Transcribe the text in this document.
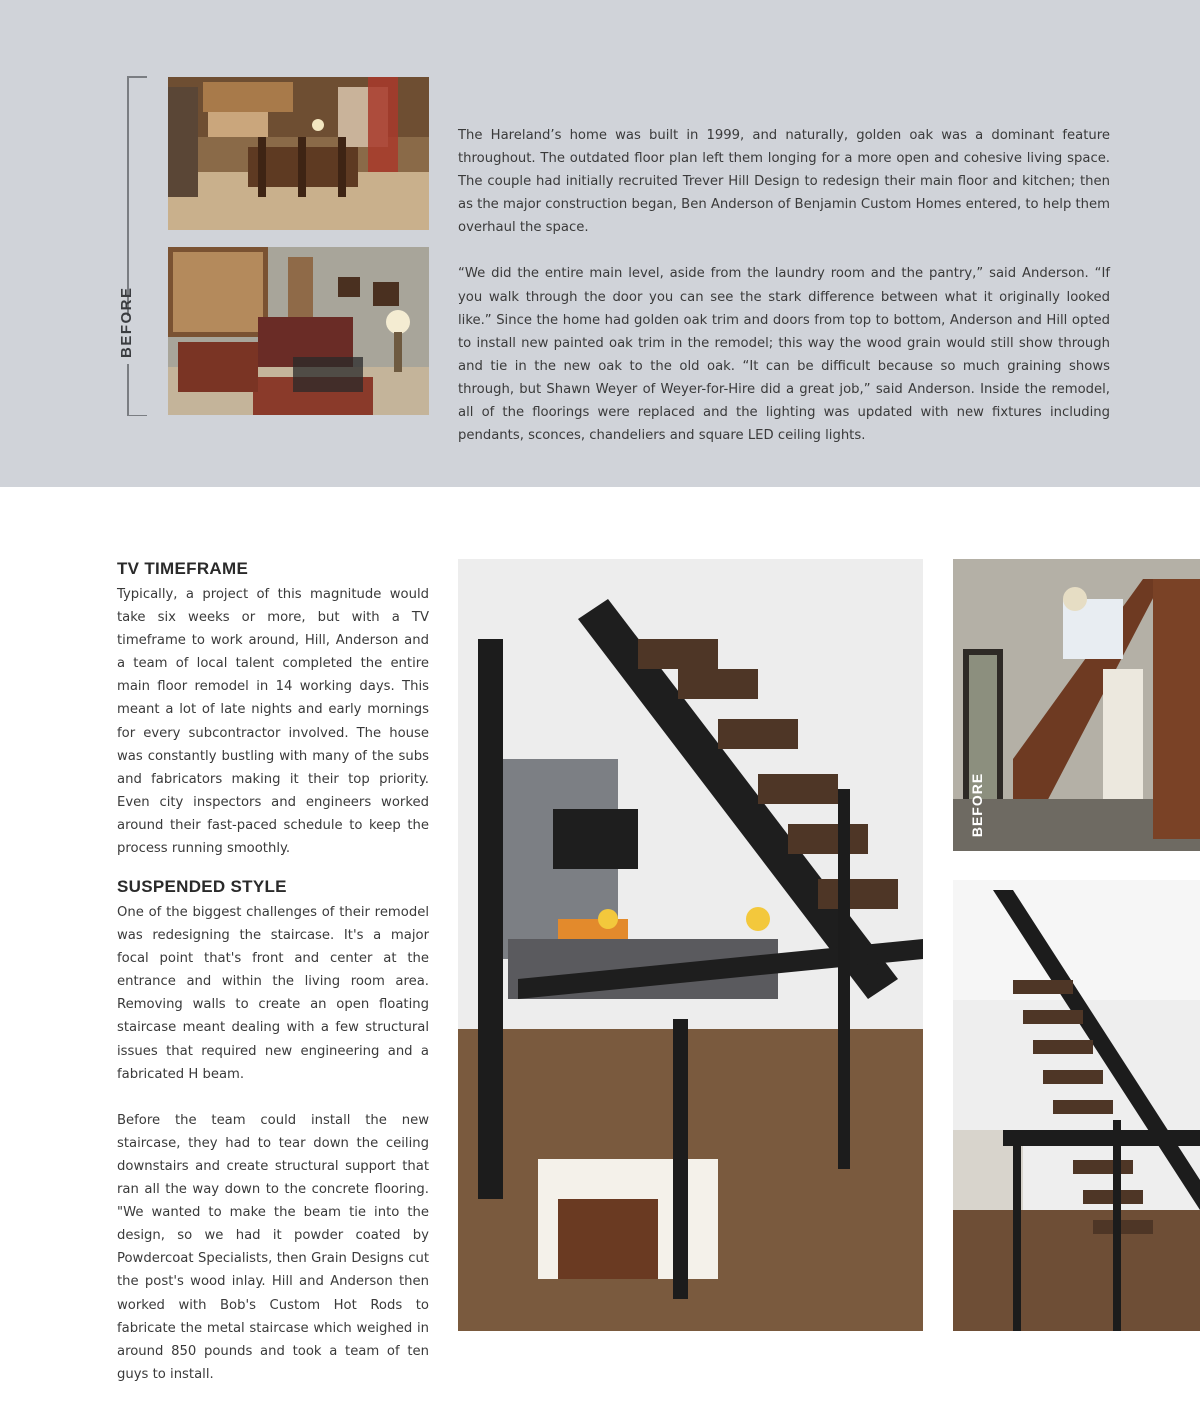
BEFORE

The Hareland’s home was built in 1999, and naturally, golden oak was a dominant feature throughout. The outdated floor plan left them longing for a more open and cohesive living space. The couple had initially recruited Trever Hill Design to redesign their main floor and kitchen; then as the major construction began, Ben Anderson of Benjamin Custom Homes entered, to help them overhaul the space.

“We did the entire main level, aside from the laundry room and the pantry,” said Anderson. “If you walk through the door you can see the stark difference between what it originally looked like.” Since the home had golden oak trim and doors from top to bottom, Anderson and Hill opted to install new painted oak trim in the remodel; this way the wood grain would still show through and tie in the new oak to the old oak. “It can be difficult because so much graining shows through, but Shawn Weyer of Weyer-for-Hire did a great job,” said Anderson. Inside the remodel, all of the floorings were replaced and the lighting was updated with new fixtures including pendants, sconces, chandeliers and square LED ceiling lights.

TV TIMEFRAME

Typically, a project of this magnitude would take six weeks or more, but with a TV timeframe to work around, Hill, Anderson and a team of local talent completed the entire main floor remodel in 14 working days. This meant a lot of late nights and early mornings for every subcontractor involved. The house was constantly bustling with many of the subs and fabricators making it their top priority. Even city inspectors and engineers worked around their fast-paced schedule to keep the process running smoothly.

SUSPENDED STYLE

One of the biggest challenges of their remodel was redesigning the staircase. It's a major focal point that's front and center at the entrance and within the living room area. Removing walls to create an open floating staircase meant dealing with a few structural issues that required new engineering and a fabricated H beam.

Before the team could install the new staircase, they had to tear down the ceiling downstairs and create structural support that ran all the way down to the concrete flooring. "We wanted to make the beam tie into the design, so we had it powder coated by Powdercoat Specialists, then Grain Designs cut the post's wood inlay. Hill and Anderson then worked with Bob's Custom Hot Rods to fabricate the metal staircase which weighed in around 850 pounds and took a team of ten guys to install.

BEFORE
